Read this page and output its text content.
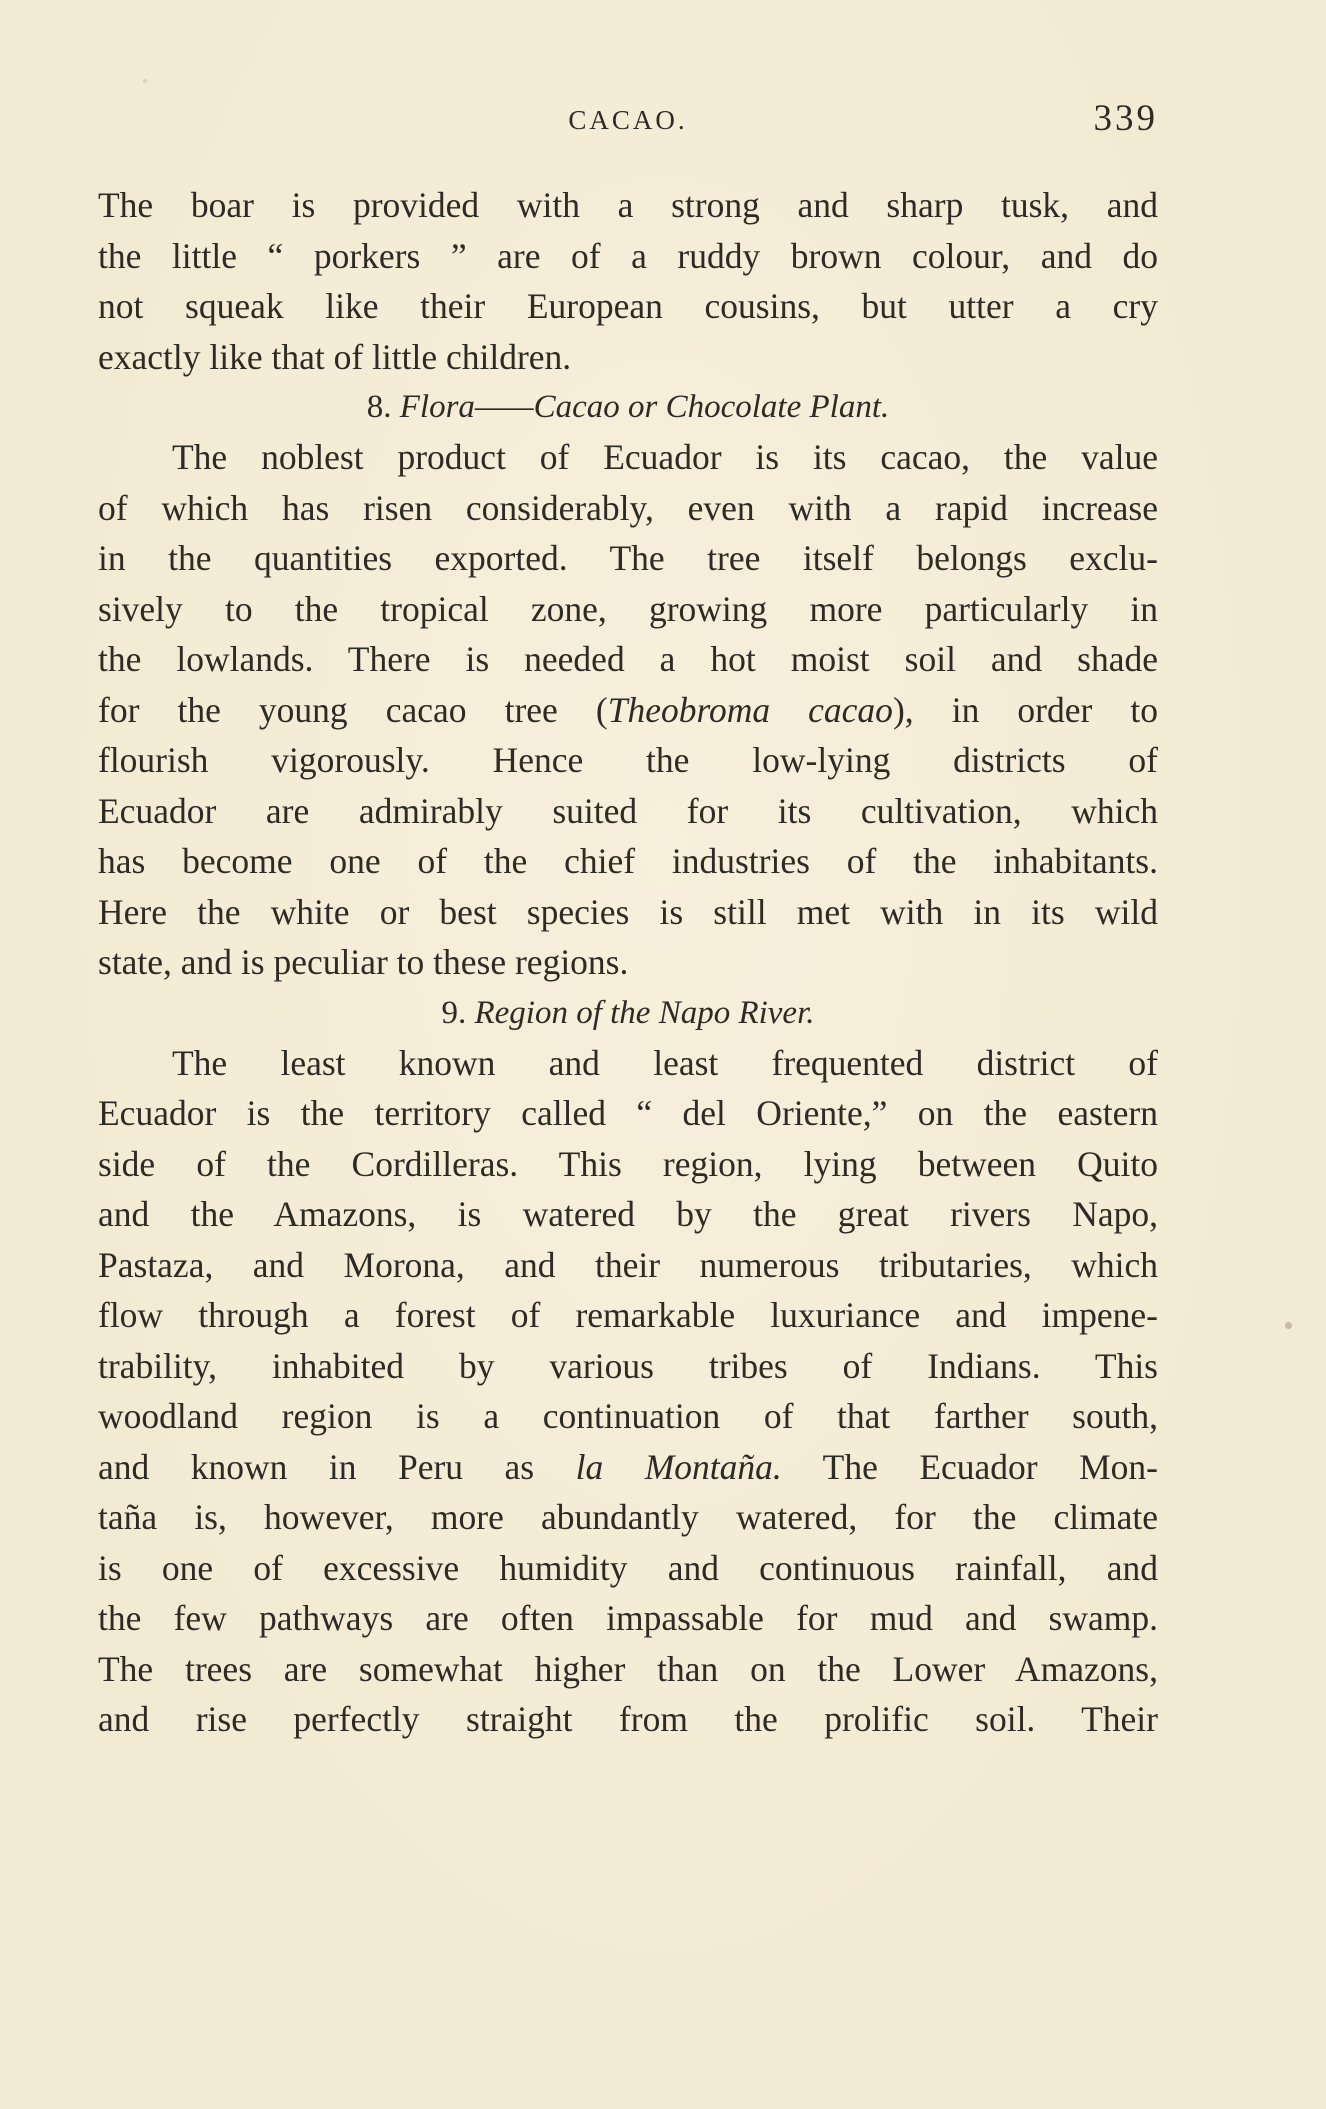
CACAO.	339

The boar is provided with a strong and sharp tusk, and
the little “ porkers ” are of a ruddy brown colour, and do
not squeak like their European cousins, but utter a cry
exactly like that of little children.

8. Flora——Cacao or Chocolate Plant.

The noblest product of Ecuador is its cacao, the value
of which has risen considerably, even with a rapid increase
in the quantities exported. The tree itself belongs exclu-
sively to the tropical zone, growing more particularly in
the lowlands. There is needed a hot moist soil and shade
for the young cacao tree (Theobroma cacao), in order to
flourish vigorously. Hence the low-lying districts of
Ecuador are admirably suited for its cultivation, which
has become one of the chief industries of the inhabitants.
Here the white or best species is still met with in its wild
state, and is peculiar to these regions.

9. Region of the Napo River.

The least known and least frequented district of
Ecuador is the territory called “ del Oriente,” on the eastern
side of the Cordilleras. This region, lying between Quito
and the Amazons, is watered by the great rivers Napo,
Pastaza, and Morona, and their numerous tributaries, which
flow through a forest of remarkable luxuriance and impene-
trability, inhabited by various tribes of Indians. This
woodland region is a continuation of that farther south,
and known in Peru as la Montaña. The Ecuador Mon-
taña is, however, more abundantly watered, for the climate
is one of excessive humidity and continuous rainfall, and
the few pathways are often impassable for mud and swamp.
The trees are somewhat higher than on the Lower Amazons,
and rise perfectly straight from the prolific soil. Their
